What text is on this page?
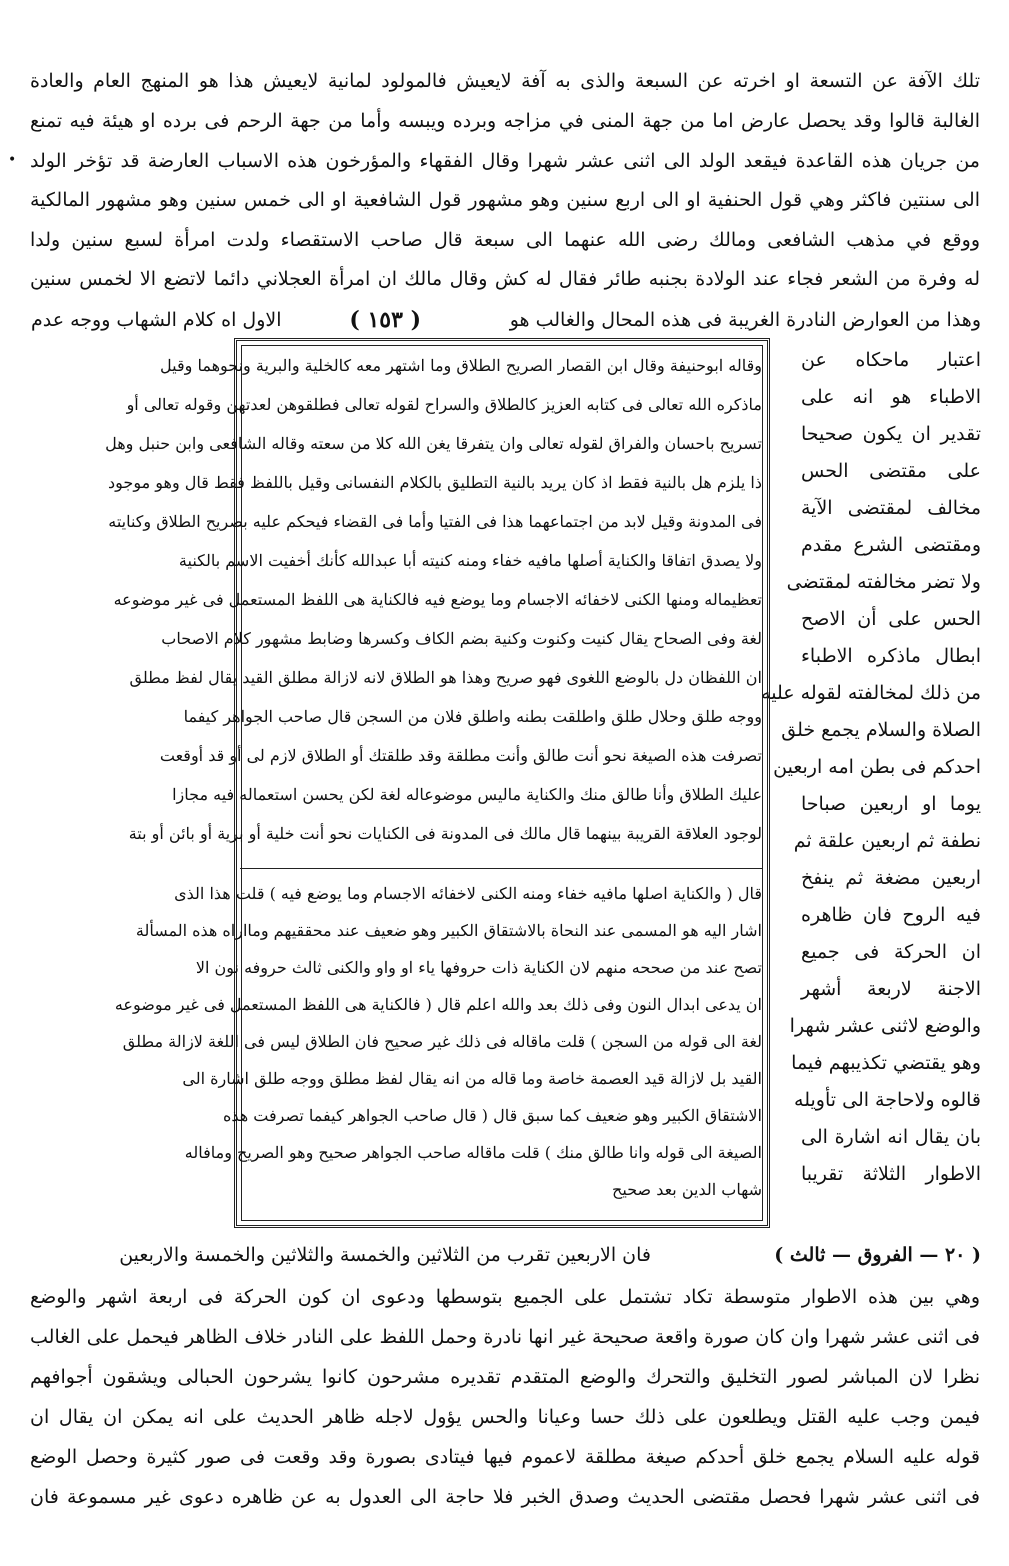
•
تلك الآفة عن التسعة او اخرته عن السبعة والذى به آفة لايعيش فالمولود لمانية لايعيش هذا هو المنهج العام والعادة
الغالبة قالوا وقد يحصل عارض اما من جهة المنى في مزاجه وبرده ويبسه وأما من جهة الرحم فى برده او هيئة فيه تمنع
من جريان هذه القاعدة فيقعد الولد الى اثنى عشر شهرا وقال الفقهاء والمؤرخون هذه الاسباب العارضة قد تؤخر الولد
الى سنتين فاكثر وهي قول الحنفية او الى اربع سنين وهو مشهور قول الشافعية او الى خمس سنين وهو مشهور المالكية
ووقع في مذهب الشافعى ومالك رضى الله عنهما الى سبعة قال صاحب الاستقصاء ولدت امرأة لسبع سنين ولدا
له وفرة من الشعر فجاء عند الولادة بجنبه طائر فقال له كش وقال مالك ان امرأة العجلاني دائما لاتضع الا لخمس سنين
وهذا من العوارض النادرة الغريبة فى هذه المحال والغالب هو
( ١٥٣ )
الاول اه كلام الشهاب ووجه عدم
اعتبار ماحكاه عن
الاطباء هو انه على
تقدير ان يكون صحيحا
على مقتضى الحس
مخالف لمقتضى الآية
ومقتضى الشرع مقدم
ولا تضر مخالفته لمقتضى
الحس على أن الاصح
ابطال ماذكره الاطباء
من ذلك لمخالفته لقوله عليه
الصلاة والسلام يجمع خلق
احدكم فى بطن امه اربعين
يوما او اربعين صباحا
نطفة ثم اربعين علقة ثم
اربعين مضغة ثم ينفخ
فيه الروح فان ظاهره
ان الحركة فى جميع
الاجنة لاربعة أشهر
والوضع لاثنى عشر شهرا
وهو يقتضي تكذيبهم فيما
قالوه ولاحاجة الى تأويله
بان يقال انه اشارة الى
الاطوار الثلاثة تقريبا
وقاله ابوحنيفة وقال ابن القصار الصريح الطلاق وما اشتهر معه كالخلية والبرية ونحوهما وقيل
ماذكره الله تعالى فى كتابه العزيز كالطلاق والسراح لقوله تعالى فطلقوهن لعدتهن وقوله تعالى أو
تسريح باحسان والفراق لقوله تعالى وان يتفرقا يغن الله كلا من سعته وقاله الشافعى وابن حنبل وهل
ذا يلزم هل بالنية فقط اذ كان يريد بالنية التطليق بالكلام النفسانى وقيل باللفظ فقط قال وهو موجود
فى المدونة وقيل لابد من اجتماعهما هذا فى الفتيا وأما فى القضاء فيحكم عليه بصريح الطلاق وكنايته
ولا يصدق اتفاقا والكناية أصلها مافيه خفاء ومنه كنيته أبا عبدالله كأنك أخفيت الاسم بالكنية
تعظيماله ومنها الكنى لاخفائه الاجسام وما يوضع فيه فالكناية هى اللفظ المستعمل فى غير موضوعه
لغة وفى الصحاح يقال كنيت وكنوت وكنية بضم الكاف وكسرها وضابط مشهور كلام الاصحاب
ان اللفظان دل بالوضع اللغوى فهو صريح وهذا هو الطلاق لانه لازالة مطلق القيد يقال لفظ مطلق
ووجه طلق وحلال طلق واطلقت بطنه واطلق فلان من السجن قال صاحب الجواهر كيفما
تصرفت هذه الصيغة نحو أنت طالق وأنت مطلقة وقد طلقتك أو الطلاق لازم لى أو قد أوقعت
عليك الطلاق وأنا طالق منك والكناية ماليس موضوعاله لغة لكن يحسن استعماله فيه مجازا
لوجود العلاقة القريبة بينهما قال مالك فى المدونة فى الكنايات نحو أنت خلية أو برية أو بائن أو بتة
قال ( والكناية اصلها مافيه خفاء ومنه الكنى لاخفائه الاجسام وما يوضع فيه ) قلت هذا الذى
اشار اليه هو المسمى عند النحاة بالاشتقاق الكبير وهو ضعيف عند محققيهم ومااراه هذه المسألة
تصح عند من صححه منهم لان الكناية ذات حروفها ياء او واو والكنى ثالث حروفه نون الا
ان يدعى ابدال النون وفى ذلك بعد والله اعلم قال ( فالكناية هى اللفظ المستعمل فى غير موضوعه
لغة الى قوله من السجن ) قلت ماقاله فى ذلك غير صحيح فان الطلاق ليس فى اللغة لازالة مطلق
القيد بل لازالة قيد العصمة خاصة وما قاله من انه يقال لفظ مطلق ووجه طلق اشارة الى
الاشتقاق الكبير وهو ضعيف كما سبق قال ( قال صاحب الجواهر كيفما تصرفت هذه
الصيغة الى قوله وانا طالق منك ) قلت ماقاله صاحب الجواهر صحيح وهو الصريح ومافاله
شهاب الدين بعد صحيح
( ٢٠ — الفروق — ثالث )
فان الاربعين تقرب من الثلاثين والخمسة والثلاثين والخمسة والاربعين
وهي بين هذه الاطوار متوسطة تكاد تشتمل على الجميع بتوسطها ودعوى ان كون الحركة فى اربعة اشهر والوضع
فى اثنى عشر شهرا وان كان صورة واقعة صحيحة غير انها نادرة وحمل اللفظ على النادر خلاف الظاهر فيحمل على الغالب
نظرا لان المباشر لصور التخليق والتحرك والوضع المتقدم تقديره مشرحون كانوا يشرحون الحبالى ويشقون أجوافهم
فيمن وجب عليه القتل ويطلعون على ذلك حسا وعيانا والحس يؤول لاجله ظاهر الحديث على انه يمكن ان يقال ان
قوله عليه السلام يجمع خلق أحدكم صيغة مطلقة لاعموم فيها فيتادى بصورة وقد وقعت فى صور كثيرة وحصل الوضع
فى اثنى عشر شهرا فحصل مقتضى الحديث وصدق الخبر فلا حاجة الى العدول به عن ظاهره دعوى غير مسموعة فان
